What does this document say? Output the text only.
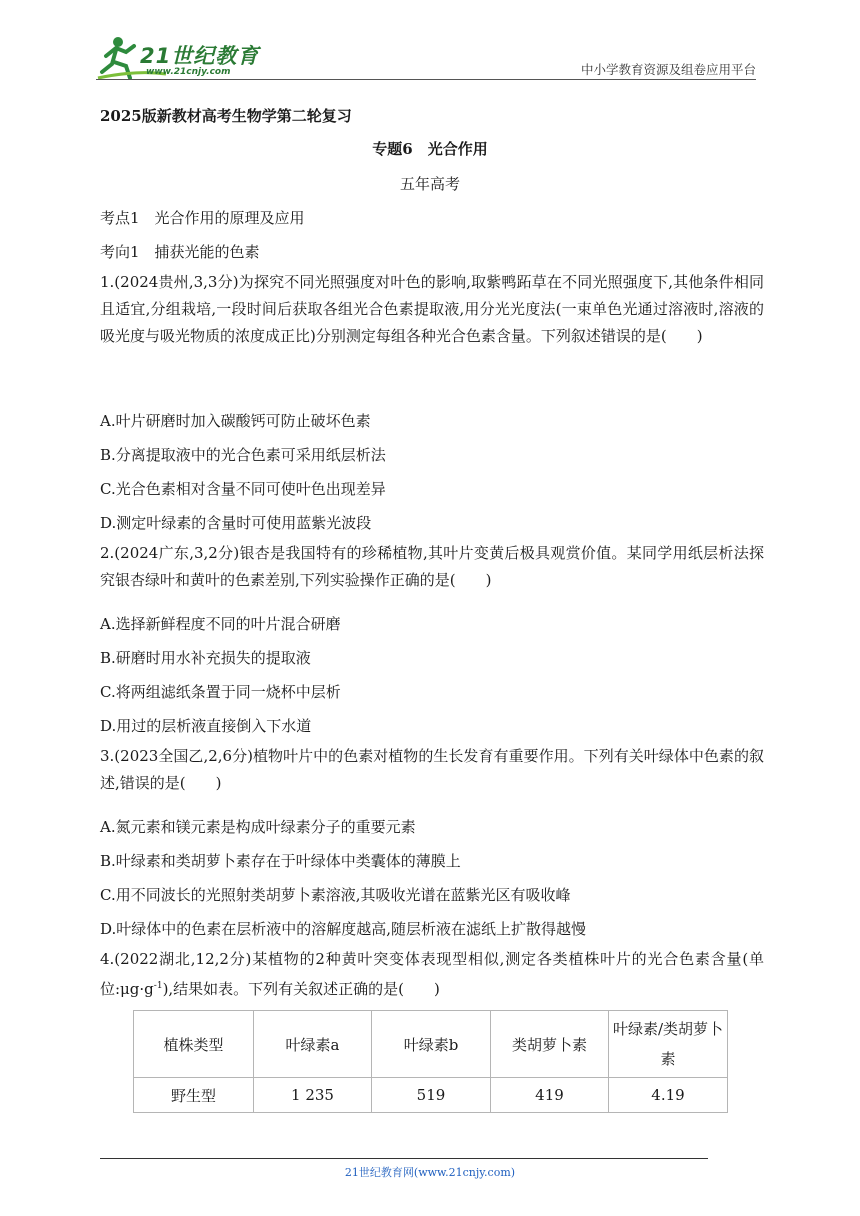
21世纪教育
www.21cnjy.com	中小学教育资源及组卷应用平台
2025版新教材高考生物学第二轮复习
专题6　光合作用
五年高考
考点1　光合作用的原理及应用
考向1　捕获光能的色素
1.(2024贵州,3,3分)为探究不同光照强度对叶色的影响,取紫鸭跖草在不同光照强度下,其他条件相同且适宜,分组栽培,一段时间后获取各组光合色素提取液,用分光光度法(一束单色光通过溶液时,溶液的吸光度与吸光物质的浓度成正比)分别测定每组各种光合色素含量。下列叙述错误的是(　　)
A.叶片研磨时加入碳酸钙可防止破坏色素
B.分离提取液中的光合色素可采用纸层析法
C.光合色素相对含量不同可使叶色出现差异
D.测定叶绿素的含量时可使用蓝紫光波段
2.(2024广东,3,2分)银杏是我国特有的珍稀植物,其叶片变黄后极具观赏价值。某同学用纸层析法探究银杏绿叶和黄叶的色素差别,下列实验操作正确的是(　　)
A.选择新鲜程度不同的叶片混合研磨
B.研磨时用水补充损失的提取液
C.将两组滤纸条置于同一烧杯中层析
D.用过的层析液直接倒入下水道
3.(2023全国乙,2,6分)植物叶片中的色素对植物的生长发育有重要作用。下列有关叶绿体中色素的叙述,错误的是(　　)
A.氮元素和镁元素是构成叶绿素分子的重要元素
B.叶绿素和类胡萝卜素存在于叶绿体中类囊体的薄膜上
C.用不同波长的光照射类胡萝卜素溶液,其吸收光谱在蓝紫光区有吸收峰
D.叶绿体中的色素在层析液中的溶解度越高,随层析液在滤纸上扩散得越慢
4.(2022湖北,12,2分)某植物的2种黄叶突变体表现型相似,测定各类植株叶片的光合色素含量(单位$:\mu g\cdot g^{-1}$),结果如表。下列有关叙述正确的是(　　)
植株类型	叶绿素a	叶绿素b	类胡萝卜素	叶绿素/类胡萝卜素
野生型	1 235	519	419	4.19
21世纪教育网(www.21cnjy.com)
